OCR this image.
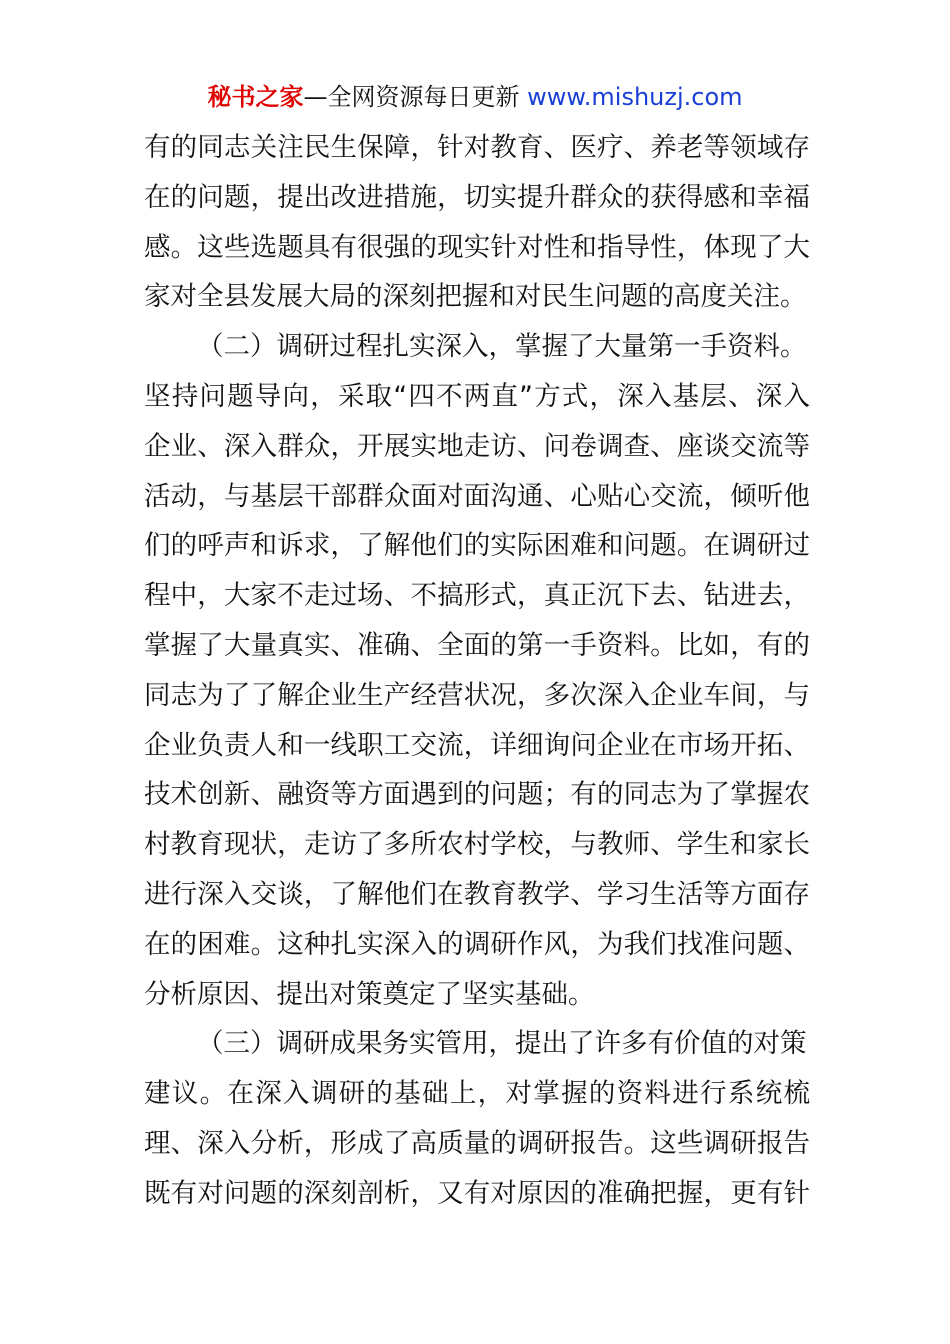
秘书之家—全网资源每日更新 www.mishuzj.com
有的同志关注民生保障，针对教育、医疗、养老等领域存
在的问题，提出改进措施，切实提升群众的获得感和幸福
感。这些选题具有很强的现实针对性和指导性，体现了大
家对全县发展大局的深刻把握和对民生问题的高度关注。
（二）调研过程扎实深入，掌握了大量第一手资料。
坚持问题导向，采取“四不两直”方式，深入基层、深入
企业、深入群众，开展实地走访、问卷调查、座谈交流等
活动，与基层干部群众面对面沟通、心贴心交流，倾听他
们的呼声和诉求，了解他们的实际困难和问题。在调研过
程中，大家不走过场、不搞形式，真正沉下去、钻进去，
掌握了大量真实、准确、全面的第一手资料。比如，有的
同志为了了解企业生产经营状况，多次深入企业车间，与
企业负责人和一线职工交流，详细询问企业在市场开拓、
技术创新、融资等方面遇到的问题；有的同志为了掌握农
村教育现状，走访了多所农村学校，与教师、学生和家长
进行深入交谈，了解他们在教育教学、学习生活等方面存
在的困难。这种扎实深入的调研作风，为我们找准问题、
分析原因、提出对策奠定了坚实基础。
（三）调研成果务实管用，提出了许多有价值的对策
建议。在深入调研的基础上，对掌握的资料进行系统梳
理、深入分析，形成了高质量的调研报告。这些调研报告
既有对问题的深刻剖析，又有对原因的准确把握，更有针
